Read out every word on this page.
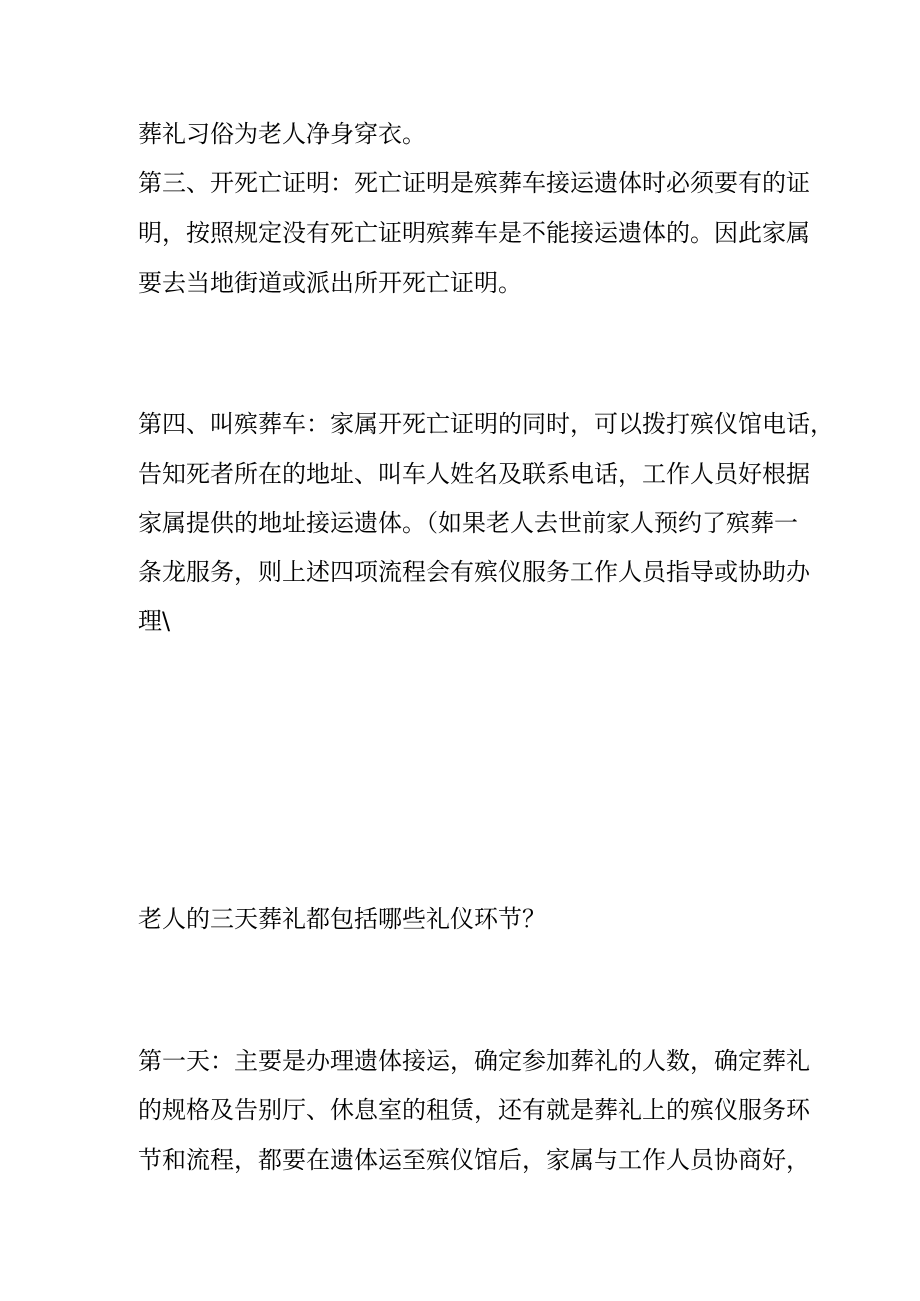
葬礼习俗为老人净身穿衣。
第三、开死亡证明：死亡证明是殡葬车接运遗体时必须要有的证
明，按照规定没有死亡证明殡葬车是不能接运遗体的。因此家属
要去当地街道或派出所开死亡证明。
第四、叫殡葬车：家属开死亡证明的同时，可以拨打殡仪馆电话，
告知死者所在的地址、叫车人姓名及联系电话，工作人员好根据
家属提供的地址接运遗体。（如果老人去世前家人预约了殡葬一
条龙服务，则上述四项流程会有殡仪服务工作人员指导或协助办
理\
老人的三天葬礼都包括哪些礼仪环节？
第一天：主要是办理遗体接运，确定参加葬礼的人数，确定葬礼
的规格及告别厅、休息室的租赁，还有就是葬礼上的殡仪服务环
节和流程，都要在遗体运至殡仪馆后，家属与工作人员协商好，
